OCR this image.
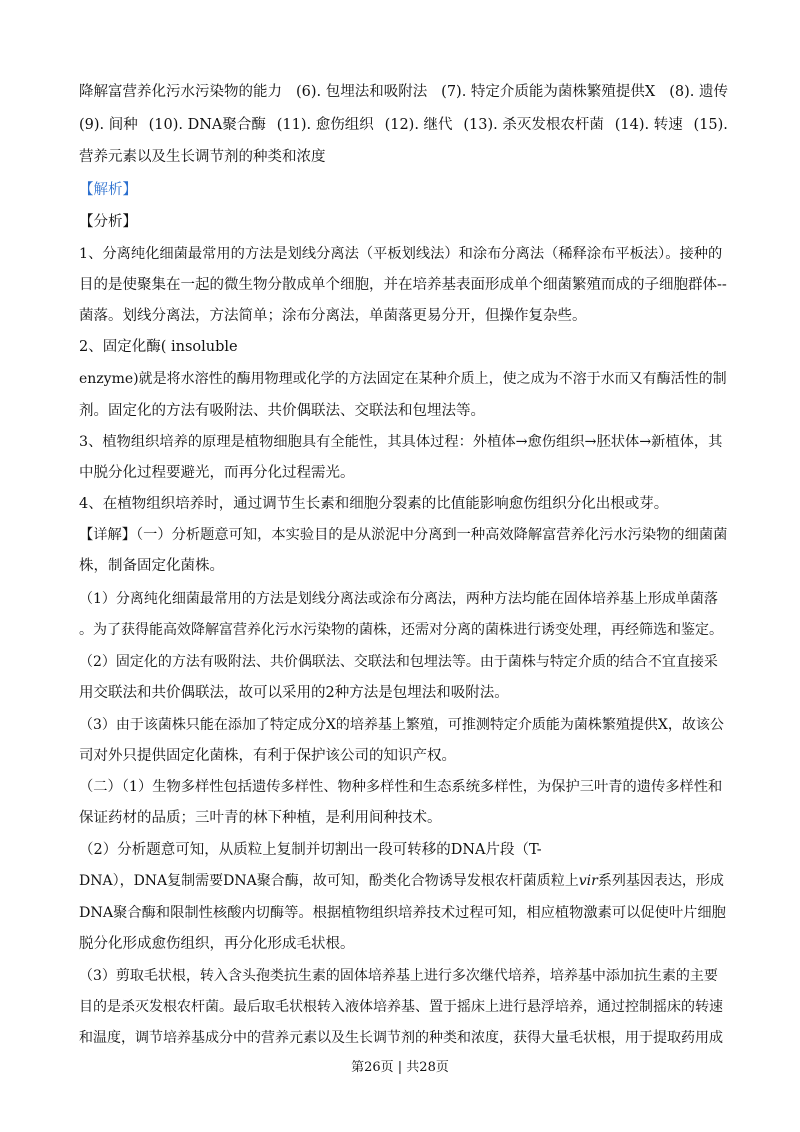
降解富营养化污水污染物的能力 (6). 包埋法和吸附法 (7). 特定介质能为菌株繁殖提供X (8). 遗传
(9). 间种 (10). DNA聚合酶 (11). 愈伤组织 (12). 继代 (13). 杀灭发根农杆菌 (14). 转速 (15).
营养元素以及生长调节剂的种类和浓度
【解析】
【分析】
1、分离纯化细菌最常用的方法是划线分离法（平板划线法）和涂布分离法（稀释涂布平板法）。接种的
目的是使聚集在一起的微生物分散成单个细胞，并在培养基表面形成单个细菌繁殖而成的子细胞群体--
菌落。划线分离法，方法简单；涂布分离法，单菌落更易分开，但操作复杂些。
2、固定化酶( insoluble
enzyme)就是将水溶性的酶用物理或化学的方法固定在某种介质上，使之成为不溶于水而又有酶活性的制
剂。固定化的方法有吸附法、共价偶联法、交联法和包埋法等。
3、植物组织培养的原理是植物细胞具有全能性，其具体过程：外植体→愈伤组织→胚状体→新植体，其
中脱分化过程要避光，而再分化过程需光。
4、在植物组织培养时，通过调节生长素和细胞分裂素的比值能影响愈伤组织分化出根或芽。
【详解】（一）分析题意可知，本实验目的是从淤泥中分离到一种高效降解富营养化污水污染物的细菌菌
株，制备固定化菌株。
（1）分离纯化细菌最常用的方法是划线分离法或涂布分离法，两种方法均能在固体培养基上形成单菌落
。为了获得能高效降解富营养化污水污染物的菌株，还需对分离的菌株进行诱变处理，再经筛选和鉴定。
（2）固定化的方法有吸附法、共价偶联法、交联法和包埋法等。由于菌株与特定介质的结合不宜直接采
用交联法和共价偶联法，故可以采用的2种方法是包埋法和吸附法。
（3）由于该菌株只能在添加了特定成分X的培养基上繁殖，可推测特定介质能为菌株繁殖提供X，故该公
司对外只提供固定化菌株，有利于保护该公司的知识产权。
（二）（1）生物多样性包括遗传多样性、物种多样性和生态系统多样性，为保护三叶青的遗传多样性和
保证药材的品质；三叶青的林下种植，是利用间种技术。
（2）分析题意可知，从质粒上复制并切割出一段可转移的DNA片段（T-
DNA），DNA复制需要DNA聚合酶，故可知，酚类化合物诱导发根农杆菌质粒上vir系列基因表达，形成
DNA聚合酶和限制性核酸内切酶等。根据植物组织培养技术过程可知，相应植物激素可以促使叶片细胞
脱分化形成愈伤组织，再分化形成毛状根。
（3）剪取毛状根，转入含头孢类抗生素的固体培养基上进行多次继代培养，培养基中添加抗生素的主要
目的是杀灭发根农杆菌。最后取毛状根转入液体培养基、置于摇床上进行悬浮培养，通过控制摇床的转速
和温度，调节培养基成分中的营养元素以及生长调节剂的种类和浓度，获得大量毛状根，用于提取药用成
第26页 | 共28页
